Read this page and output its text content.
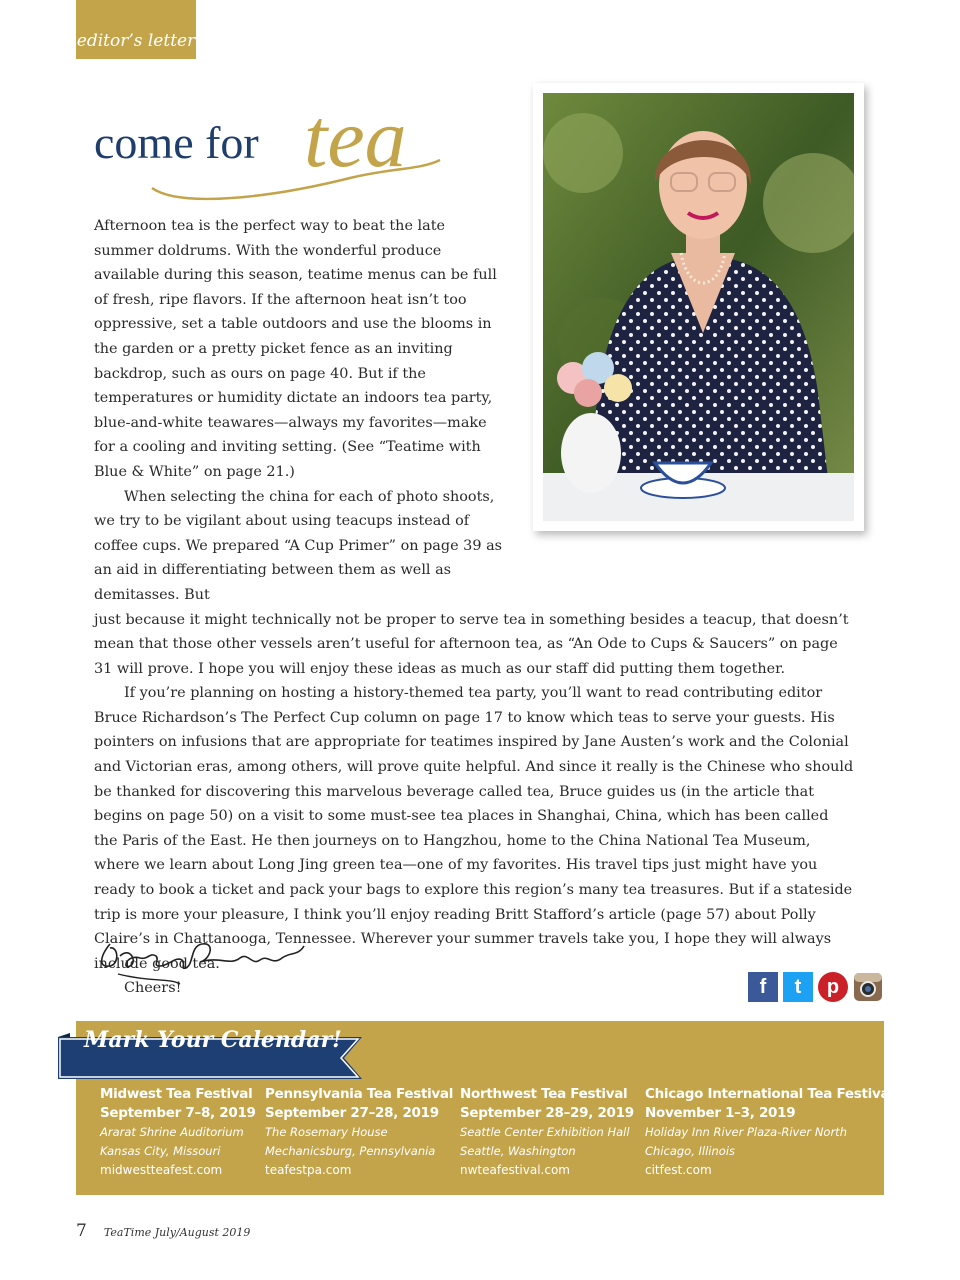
editor’s letter
come for tea

Afternoon tea is the perfect way to beat the late summer doldrums. With the wonderful produce available during this season, teatime menus can be full of fresh, ripe flavors. If the afternoon heat isn’t too oppressive, set a table outdoors and use the blooms in the garden or a pretty picket fence as an inviting backdrop, such as ours on page 40. But if the temperatures or humidity dictate an indoors tea party, blue-and-white teawares—always my favorites—make for a cooling and inviting setting. (See “Teatime with Blue & White” on page 21.)

When selecting the china for each of photo shoots, we try to be vigilant about using teacups instead of coffee cups. We prepared “A Cup Primer” on page 39 as an aid in differentiating between them as well as demitasses. But

just because it might technically not be proper to serve tea in something besides a teacup, that doesn’t mean that those other vessels aren’t useful for afternoon tea, as “An Ode to Cups & Saucers” on page 31 will prove. I hope you will enjoy these ideas as much as our staff did putting them together.

If you’re planning on hosting a history-themed tea party, you’ll want to read contributing editor Bruce Richardson’s The Perfect Cup column on page 17 to know which teas to serve your guests. His pointers on infusions that are appropriate for teatimes inspired by Jane Austen’s work and the Colonial and Victorian eras, among others, will prove quite helpful. And since it really is the Chinese who should be thanked for discovering this marvelous beverage called tea, Bruce guides us (in the article that begins on page 50) on a visit to some must-see tea places in Shanghai, China, which has been called the Paris of the East. He then journeys on to Hangzhou, home to the China National Tea Museum, where we learn about Long Jing green tea—one of my favorites. His travel tips just might have you ready to book a ticket and pack your bags to explore this region’s many tea treasures. But if a stateside trip is more your pleasure, I think you’ll enjoy reading Britt Stafford’s article (page 57) about Polly Claire’s in Chattanooga, Tennessee. Wherever your summer travels take you, I hope they will always include good tea.

Cheers!	f t p
Mark Your Calendar!
Midwest Tea Festival
September 7–8, 2019
Ararat Shrine Auditorium
Kansas City, Missouri
midwestteafest.com
Pennsylvania Tea Festival
September 27–28, 2019
The Rosemary House
Mechanicsburg, Pennsylvania
teafestpa.com
Northwest Tea Festival
September 28–29, 2019
Seattle Center Exhibition Hall
Seattle, Washington
nwteafestival.com
Chicago International Tea Festival
November 1–3, 2019
Holiday Inn River Plaza-River North
Chicago, Illinois
citfest.com
7 TeaTime July/August 2019
